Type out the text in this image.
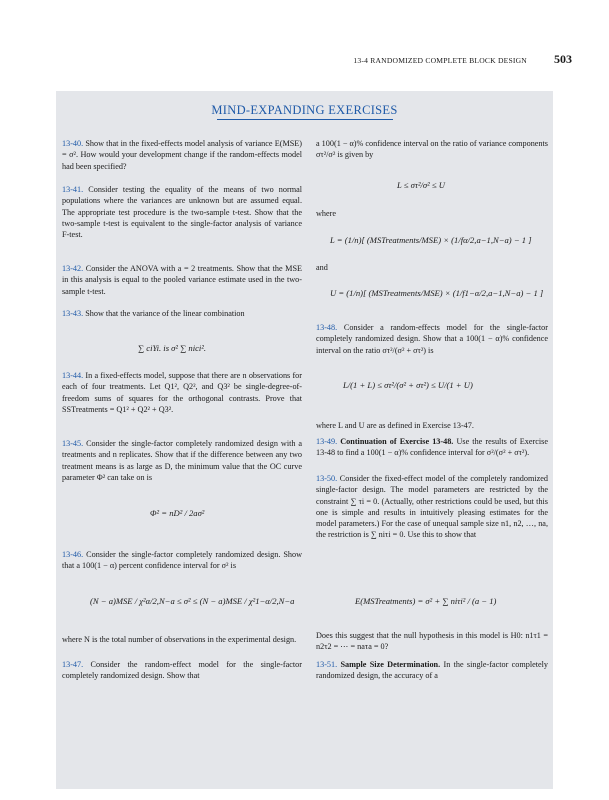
13-4 RANDOMIZED COMPLETE BLOCK DESIGN 503
MIND-EXPANDING EXERCISES

13-40. Show that in the fixed-effects model analysis of variance E(MSE) = σ². How would your development change if the random-effects model had been specified?

13-41. Consider testing the equality of the means of two normal populations where the variances are unknown but are assumed equal. The appropriate test procedure is the two-sample t-test. Show that the two-sample t-test is equivalent to the single-factor analysis of variance F-test.

13-42. Consider the ANOVA with a = 2 treatments. Show that the MSE in this analysis is equal to the pooled variance estimate used in the two-sample t-test.

13-43. Show that the variance of the linear combination

∑ ciYi. is σ² ∑ nici².

13-44. In a fixed-effects model, suppose that there are n observations for each of four treatments. Let Q1², Q2², and Q3² be single-degree-of-freedom sums of squares for the orthogonal contrasts. Prove that SSTreatments = Q1² + Q2² + Q3².

13-45. Consider the single-factor completely randomized design with a treatments and n replicates. Show that if the difference between any two treatment means is as large as D, the minimum value that the OC curve parameter Φ² can take on is

Φ² = nD² / 2aσ²

13-46. Consider the single-factor completely randomized design. Show that a 100(1 − α) percent confidence interval for σ² is

(N − a)MSE / χ²α/2,N−a ≤ σ² ≤ (N − a)MSE / χ²1−α/2,N−a

where N is the total number of observations in the experimental design.

13-47. Consider the random-effect model for the single-factor completely randomized design. Show that

a 100(1 − α)% confidence interval on the ratio of variance components στ²/σ² is given by

L ≤ στ²/σ² ≤ U

where

L = (1/n)[ (MSTreatments/MSE) × (1/fα/2,a−1,N−a) − 1 ]

and

U = (1/n)[ (MSTreatments/MSE) × (1/f1−α/2,a−1,N−a) − 1 ]

13-48. Consider a random-effects model for the single-factor completely randomized design. Show that a 100(1 − α)% confidence interval on the ratio στ²/(σ² + στ²) is

L/(1 + L) ≤ στ²/(σ² + στ²) ≤ U/(1 + U)

where L and U are as defined in Exercise 13-47.

13-49. Continuation of Exercise 13-48. Use the results of Exercise 13-48 to find a 100(1 − α)% confidence interval for σ²/(σ² + στ²).

13-50. Consider the fixed-effect model of the completely randomized single-factor design. The model parameters are restricted by the constraint ∑ τi = 0. (Actually, other restrictions could be used, but this one is simple and results in intuitively pleasing estimates for the model parameters.) For the case of unequal sample size n1, n2, …, na, the restriction is ∑ niτi = 0. Use this to show that

E(MSTreatments) = σ² + ∑ niτi² / (a − 1)

Does this suggest that the null hypothesis in this model is H0: n1τ1 = n2τ2 = ⋯ = naτa = 0?

13-51. Sample Size Determination. In the single-factor completely randomized design, the accuracy of a
